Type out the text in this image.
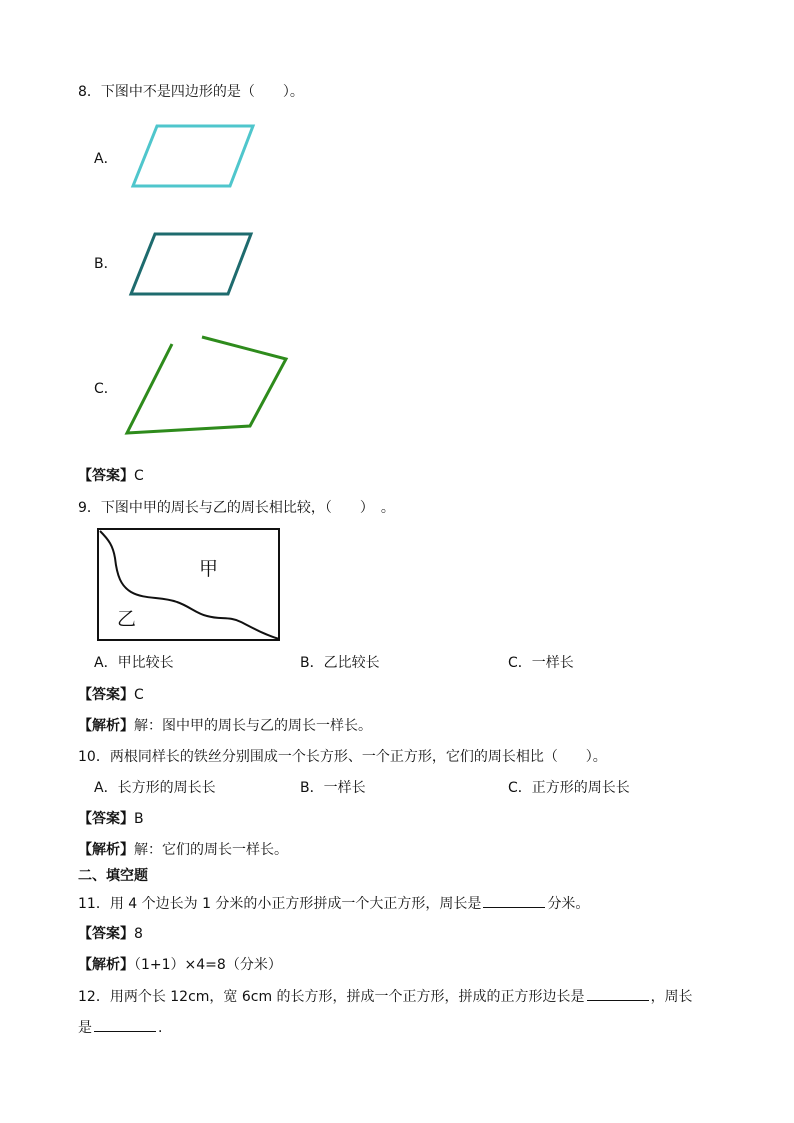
8．下图中不是四边形的是（　　）。
A．
B．
C．
【答案】C
9．下图中甲的周长与乙的周长相比较，（　　）　。
甲
乙
A．甲比较长	B．乙比较长	C．一样长
【答案】C
【解析】解：图中甲的周长与乙的周长一样长。
10．两根同样长的铁丝分别围成一个长方形、一个正方形，它们的周长相比（　　）。
A．长方形的周长长	B．一样长	C．正方形的周长长
【答案】B
【解析】解：它们的周长一样长。
二、填空题
11．用 4 个边长为 1 分米的小正方形拼成一个大正方形，周长是	分米。
【答案】8
【解析】（1+1）×4=8（分米）
12．用两个长 12cm，宽 6cm 的长方形，拼成一个正方形，拼成的正方形边长是	，周长
是	.
